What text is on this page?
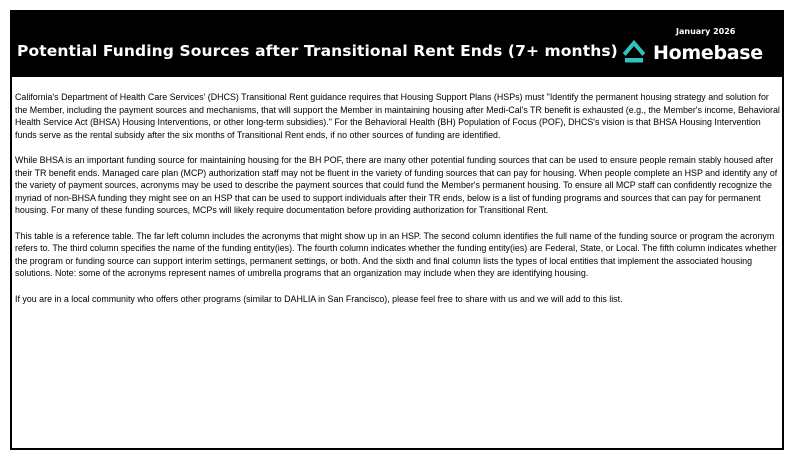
Potential Funding Sources after Transitional Rent Ends (7+ months)
January 2026
Homebase

California's Department of Health Care Services' (DHCS) Transitional Rent guidance requires that Housing Support Plans (HSPs) must "Identify the permanent housing strategy and solution for the Member, including the payment sources and mechanisms, that will support the Member in maintaining housing after Medi-Cal's TR benefit is exhausted (e.g., the Member's income, Behavioral Health Service Act (BHSA) Housing Interventions, or other long-term subsidies)." For the Behavioral Health (BH) Population of Focus (POF), DHCS's vision is that BHSA Housing Intervention funds serve as the rental subsidy after the six months of Transitional Rent ends, if no other sources of funding are identified.

While BHSA is an important funding source for maintaining housing for the BH POF, there are many other potential funding sources that can be used to ensure people remain stably housed after their TR benefit ends. Managed care plan (MCP) authorization staff may not be fluent in the variety of funding sources that can pay for housing. When people complete an HSP and identify any of the variety of payment sources, acronyms may be used to describe the payment sources that could fund the Member's permanent housing. To ensure all MCP staff can confidently recognize the myriad of non-BHSA funding they might see on an HSP that can be used to support individuals after their TR ends, below is a list of funding programs and sources that can pay for permanent housing. For many of these funding sources, MCPs will likely require documentation before providing authorization for Transitional Rent.

This table is a reference table. The far left column includes the acronyms that might show up in an HSP. The second column identifies the full name of the funding source or program the acronym refers to. The third column specifies the name of the funding entity(ies). The fourth column indicates whether the funding entity(ies) are Federal, State, or Local. The fifth column indicates whether the program or funding source can support interim settings, permanent settings, or both. And the sixth and final column lists the types of local entities that implement the associated housing solutions. Note: some of the acronyms represent names of umbrella programs that an organization may include when they are identifying housing.

If you are in a local community who offers other programs (similar to DAHLIA in San Francisco), please feel free to share with us and we will add to this list.
